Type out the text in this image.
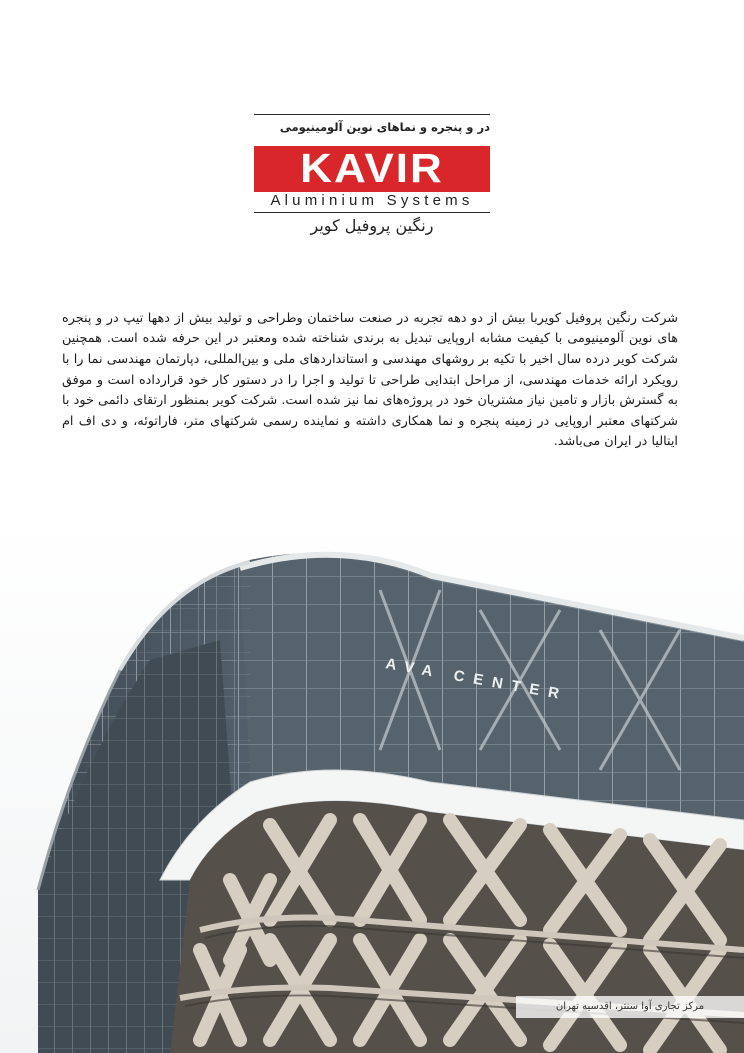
در و پنجره و نماهای نوین آلومینیومی
KAVIR
Aluminium Systems
رنگین پروفیل کویر

شرکت رنگین پروفیل کویربا بیش از دو دهه تجربه در صنعت ساختمان وطراحی و تولید بیش از دهها تیپ در و پنجره های نوین آلومینیومی با کیفیت مشابه اروپایی تبدیل به برندی شناخته شده ومعتبر در این حرفه شده است. همچنین شرکت کویر درده سال اخیر با تکیه بر روشهای مهندسی و استانداردهای ملی و بین‌المللی، دپارتمان مهندسی نما را با رویکرد ارائه خدمات مهندسی، از مراحل ابتدایی طراحی تا تولید و اجرا را در دستور کار خود قرارداده است و موفق به گسترش بازار و تامین نیاز مشتریان خود در پروژه‌های نما نیز شده است. شرکت کویر بمنظور ارتقای دائمی خود با شرکتهای معتبر اروپایی در زمینه پنجره و نما همکاری داشته و نماینده رسمی شرکتهای متر، فاراتوئه، و دی اف ام ایتالیا در ایران می‌باشد.

AVA CENTER
مرکز تجاری آوا سنتر، اقدسیه تهران
